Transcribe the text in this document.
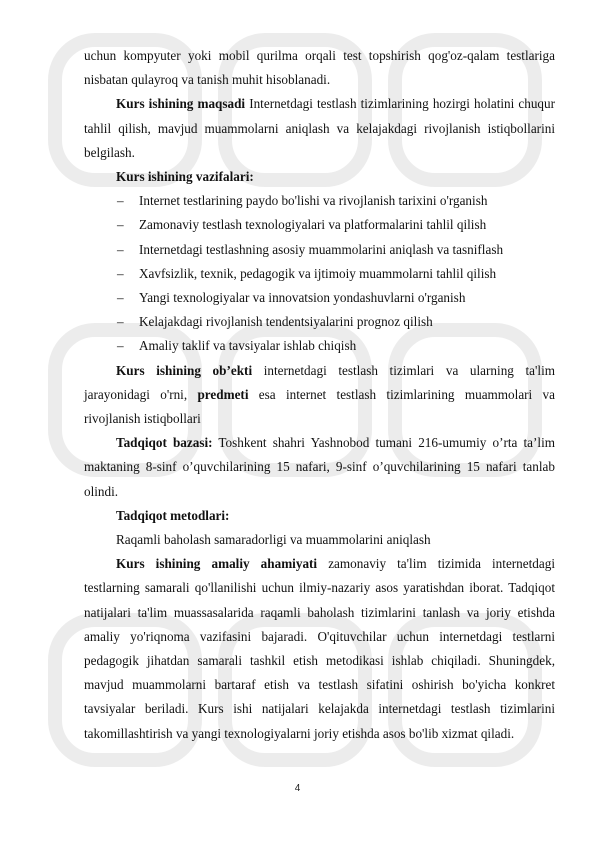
uchun kompyuter yoki mobil qurilma orqali test topshirish qog'oz-qalam testlariga nisbatan qulayroq va tanish muhit hisoblanadi.

Kurs ishining maqsadi Internetdagi testlash tizimlarining hozirgi holatini chuqur tahlil qilish, mavjud muammolarni aniqlash va kelajakdagi rivojlanish istiqbollarini belgilash.

Kurs ishining vazifalari:

– Internet testlarining paydo bo'lishi va rivojlanish tarixini o'rganish
– Zamonaviy testlash texnologiyalari va platformalarini tahlil qilish
– Internetdagi testlashning asosiy muammolarini aniqlash va tasniflash
– Xavfsizlik, texnik, pedagogik va ijtimoiy muammolarni tahlil qilish
– Yangi texnologiyalar va innovatsion yondashuvlarni o'rganish
– Kelajakdagi rivojlanish tendentsiyalarini prognoz qilish
– Amaliy taklif va tavsiyalar ishlab chiqish

Kurs ishining ob’ekti internetdagi testlash tizimlari va ularning ta'lim jarayonidagi o'rni, predmeti esa internet testlash tizimlarining muammolari va rivojlanish istiqbollari

Tadqiqot bazasi: Toshkent shahri Yashnobod tumani 216-umumiy o’rta ta’lim maktaning 8-sinf o’quvchilarining 15 nafari, 9-sinf o’quvchilarining 15 nafari tanlab olindi.

Tadqiqot metodlari:

Raqamli baholash samaradorligi va muammolarini aniqlash

Kurs ishining amaliy ahamiyati zamonaviy ta'lim tizimida internetdagi testlarning samarali qo'llanilishi uchun ilmiy-nazariy asos yaratishdan iborat. Tadqiqot natijalari ta'lim muassasalarida raqamli baholash tizimlarini tanlash va joriy etishda amaliy yo'riqnoma vazifasini bajaradi. O'qituvchilar uchun internetdagi testlarni pedagogik jihatdan samarali tashkil etish metodikasi ishlab chiqiladi. Shuningdek, mavjud muammolarni bartaraf etish va testlash sifatini oshirish bo'yicha konkret tavsiyalar beriladi. Kurs ishi natijalari kelajakda internetdagi testlash tizimlarini takomillashtirish va yangi texnologiyalarni joriy etishda asos bo'lib xizmat qiladi.

4
